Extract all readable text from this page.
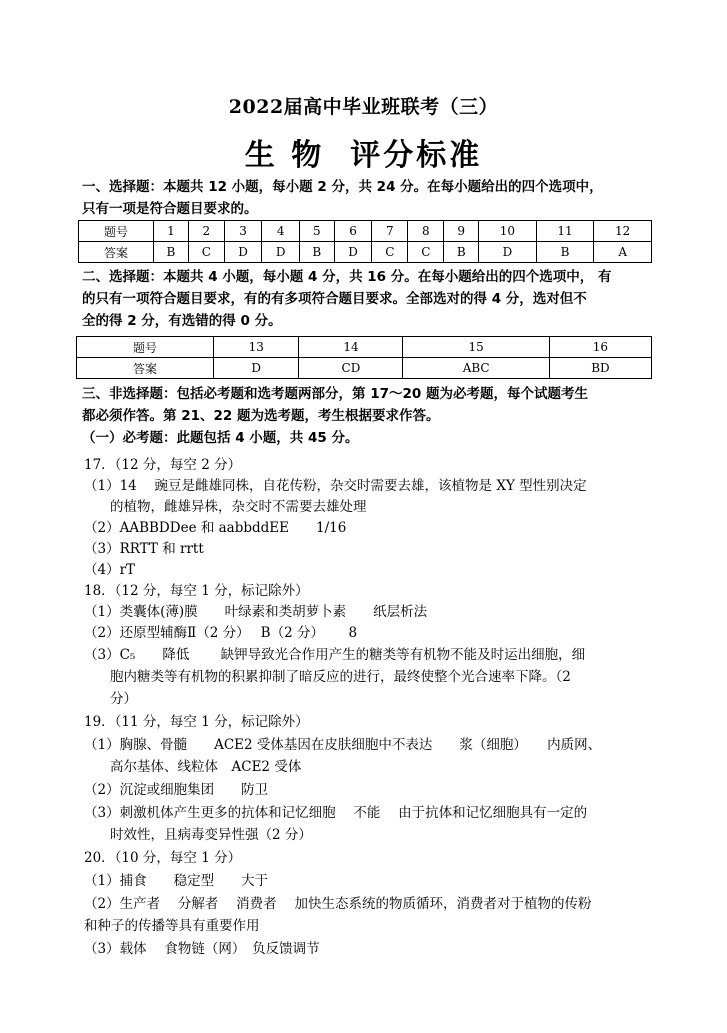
2022届高中毕业班联考（三）
生 物 评分标准
一、选择题：本题共 12 小题，每小题 2 分，共 24 分。在每小题给出的四个选项中，
只有一项是符合题目要求的。
题号	1	2	3	4	5	6	7	8	9	10	11	12
答案	B	C	D	D	B	D	C	C	B	D	B	A
二、选择题：本题共 4 小题，每小题 4 分，共 16 分。在每小题给出的四个选项中， 有
的只有一项符合题目要求，有的有多项符合题目要求。全部选对的得 4 分，选对但不
全的得 2 分，有选错的得 0 分。
题号	13	14	15	16
答案	D	CD	ABC	BD
三、非选择题：包括必考题和选考题两部分，第 17～20 题为必考题，每个试题考生
都必须作答。第 21、22 题为选考题，考生根据要求作答。
（一）必考题：此题包括 4 小题，共 45 分。
17．（12 分，每空 2 分）
（1）14　 豌豆是雌雄同株，自花传粉，杂交时需要去雄，该植物是 XY 型性别决定
的植物，雌雄异株，杂交时不需要去雄处理
（2）AABBDDee 和 aabbddEE　　1/16
（3）RRTT 和 rrtt
（4）rT
18．（12 分，每空 1 分，标记除外）
（1）类囊体(薄)膜　　叶绿素和类胡萝卜素　　纸层析法
（2）还原型辅酶Ⅱ（2 分）　 B（2 分）　　 8
（3）C₅　　降低　　 缺钾导致光合作用产生的糖类等有机物不能及时运出细胞，细
胞内糖类等有机物的积累抑制了暗反应的进行，最终使整个光合速率下降。（2
分）
19．（11 分，每空 1 分，标记除外）
（1）胸腺、骨髓　　ACE2 受体基因在皮肤细胞中不表达　　浆（细胞）　　内质网、
高尔基体、线粒体　ACE2 受体
（2）沉淀或细胞集团　　防卫
（3）刺激机体产生更多的抗体和记忆细胞　 不能　 由于抗体和记忆细胞具有一定的
时效性，且病毒变异性强（2 分）
20．（10 分，每空 1 分）
（1）捕食　　稳定型　　大于
（2）生产者　 分解者　 消费者　 加快生态系统的物质循环，消费者对于植物的传粉
和种子的传播等具有重要作用
（3）载体　 食物链（网）　负反馈调节
